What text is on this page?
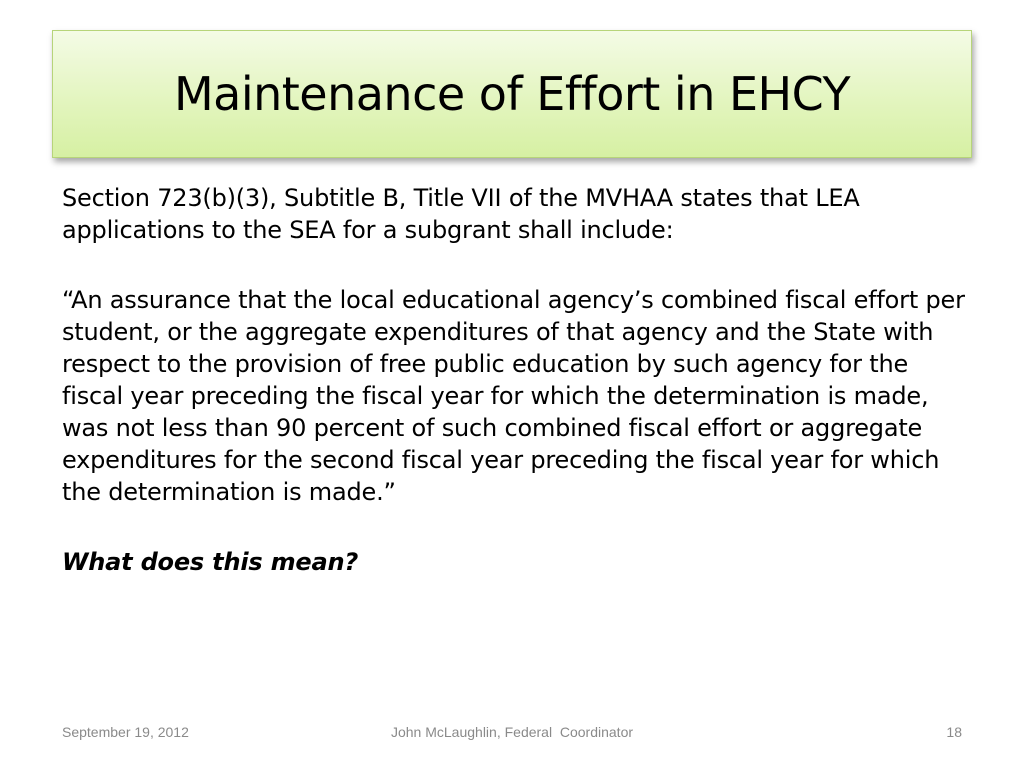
Maintenance of Effort in EHCY

Section 723(b)(3), Subtitle B, Title VII of the MVHAA states that LEA applications to the SEA for a subgrant shall include:

“An assurance that the local educational agency’s combined fiscal effort per student, or the aggregate expenditures of that agency and the State with respect to the provision of free public education by such agency for the fiscal year preceding the fiscal year for which the determination is made, was not less than 90 percent of such combined fiscal effort or aggregate expenditures for the second fiscal year preceding the fiscal year for which the determination is made.”

What does this mean?

September 19, 2012	John McLaughlin, Federal  Coordinator	18
